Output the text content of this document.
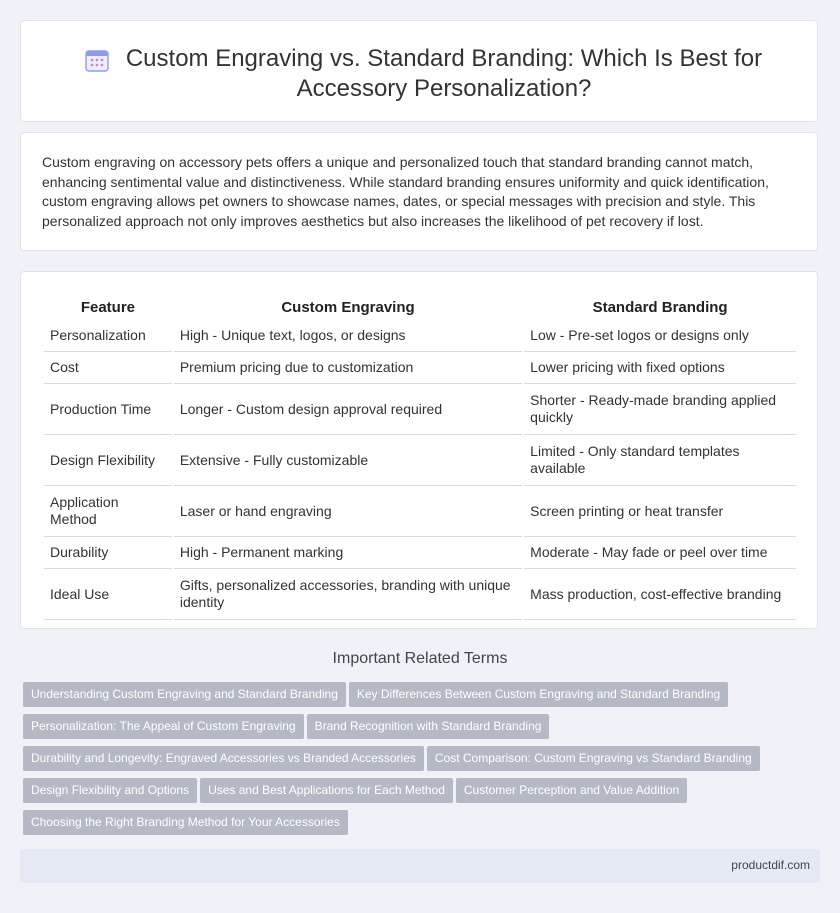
Custom Engraving vs. Standard Branding: Which Is Best for Accessory Personalization?

Custom engraving on accessory pets offers a unique and personalized touch that standard branding cannot match, enhancing sentimental value and distinctiveness. While standard branding ensures uniformity and quick identification, custom engraving allows pet owners to showcase names, dates, or special messages with precision and style. This personalized approach not only improves aesthetics but also increases the likelihood of pet recovery if lost.

Feature	Custom Engraving	Standard Branding
Personalization	High - Unique text, logos, or designs	Low - Pre-set logos or designs only
Cost	Premium pricing due to customization	Lower pricing with fixed options
Production Time	Longer - Custom design approval required	Shorter - Ready-made branding applied quickly
Design Flexibility	Extensive - Fully customizable	Limited - Only standard templates available
Application Method	Laser or hand engraving	Screen printing or heat transfer
Durability	High - Permanent marking	Moderate - May fade or peel over time
Ideal Use	Gifts, personalized accessories, branding with unique identity	Mass production, cost-effective branding
Important Related Terms
Understanding Custom Engraving and Standard Branding Key Differences Between Custom Engraving and Standard Branding
Personalization: The Appeal of Custom Engraving Brand Recognition with Standard Branding
Durability and Longevity: Engraved Accessories vs Branded Accessories Cost Comparison: Custom Engraving vs Standard Branding
Design Flexibility and Options Uses and Best Applications for Each Method Customer Perception and Value Addition
Choosing the Right Branding Method for Your Accessories
productdif.com
